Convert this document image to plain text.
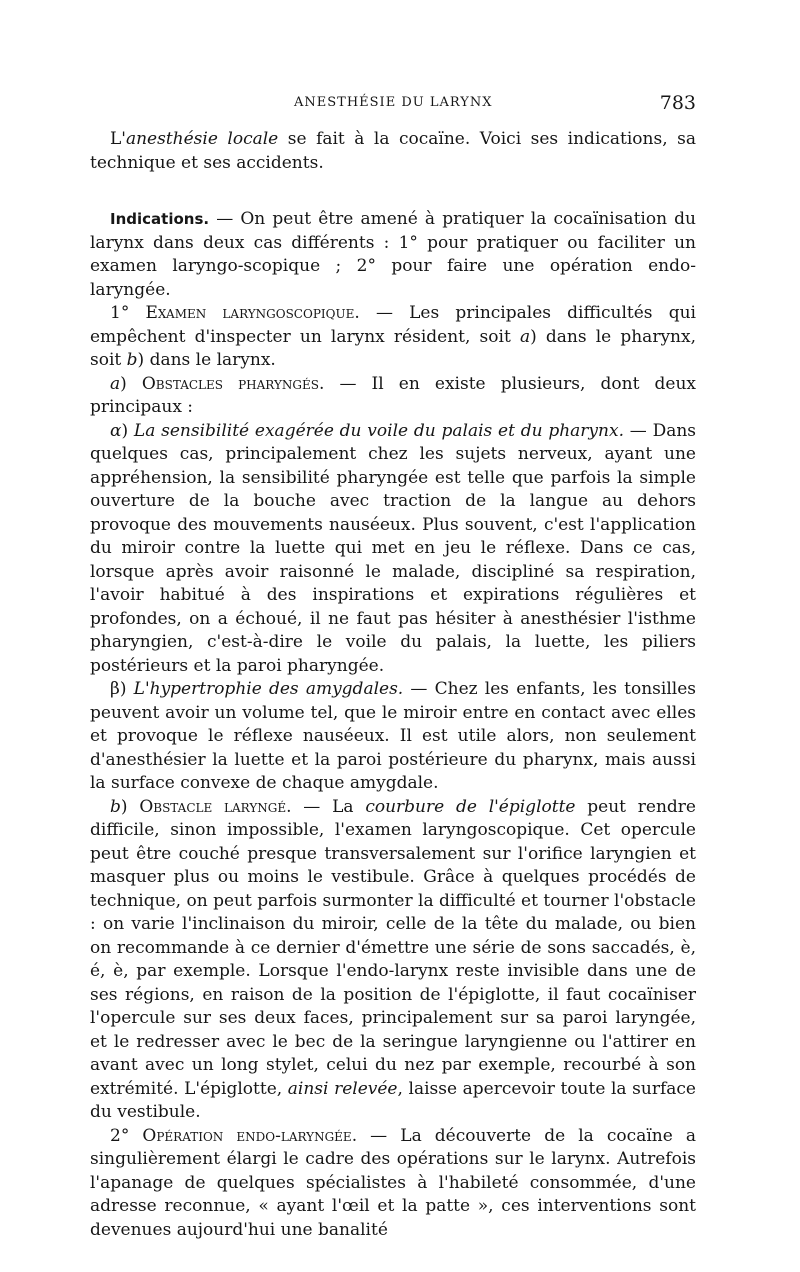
ANESTHÉSIE DU LARYNX	783

L'anesthésie locale se fait à la cocaïne. Voici ses indications, sa technique et ses accidents.

Indications. — On peut être amené à pratiquer la cocaïnisation du larynx dans deux cas différents : 1° pour pratiquer ou faciliter un examen laryngo-scopique ; 2° pour faire une opération endo-laryngée.

1° Examen laryngoscopique. — Les principales difficultés qui empêchent d'inspecter un larynx résident, soit a) dans le pharynx, soit b) dans le larynx.

a) Obstacles pharyngés. — Il en existe plusieurs, dont deux principaux :

α) La sensibilité exagérée du voile du palais et du pharynx. — Dans quelques cas, principalement chez les sujets nerveux, ayant une appréhension, la sensibilité pharyngée est telle que parfois la simple ouverture de la bouche avec traction de la langue au dehors provoque des mouvements nauséeux. Plus souvent, c'est l'application du miroir contre la luette qui met en jeu le réflexe. Dans ce cas, lorsque après avoir raisonné le malade, discipliné sa respiration, l'avoir habitué à des inspirations et expirations régulières et profondes, on a échoué, il ne faut pas hésiter à anesthésier l'isthme pharyngien, c'est-à-dire le voile du palais, la luette, les piliers postérieurs et la paroi pharyngée.

β) L'hypertrophie des amygdales. — Chez les enfants, les tonsilles peuvent avoir un volume tel, que le miroir entre en contact avec elles et provoque le réflexe nauséeux. Il est utile alors, non seulement d'anesthésier la luette et la paroi postérieure du pharynx, mais aussi la surface convexe de chaque amygdale.

b) Obstacle laryngé. — La courbure de l'épiglotte peut rendre difficile, sinon impossible, l'examen laryngoscopique. Cet opercule peut être couché presque transversalement sur l'orifice laryngien et masquer plus ou moins le vestibule. Grâce à quelques procédés de technique, on peut parfois surmonter la difficulté et tourner l'obstacle : on varie l'inclinaison du miroir, celle de la tête du malade, ou bien on recommande à ce dernier d'émettre une série de sons saccadés, è, é, è, par exemple. Lorsque l'endo-larynx reste invisible dans une de ses régions, en raison de la position de l'épiglotte, il faut cocaïniser l'opercule sur ses deux faces, principalement sur sa paroi laryngée, et le redresser avec le bec de la seringue laryngienne ou l'attirer en avant avec un long stylet, celui du nez par exemple, recourbé à son extrémité. L'épiglotte, ainsi relevée, laisse apercevoir toute la surface du vestibule.

2° Opération endo-laryngée. — La découverte de la cocaïne a singulièrement élargi le cadre des opérations sur le larynx. Autrefois l'apanage de quelques spécialistes à l'habileté consommée, d'une adresse reconnue, « ayant l'œil et la patte », ces interventions sont devenues aujourd'hui une banalité
